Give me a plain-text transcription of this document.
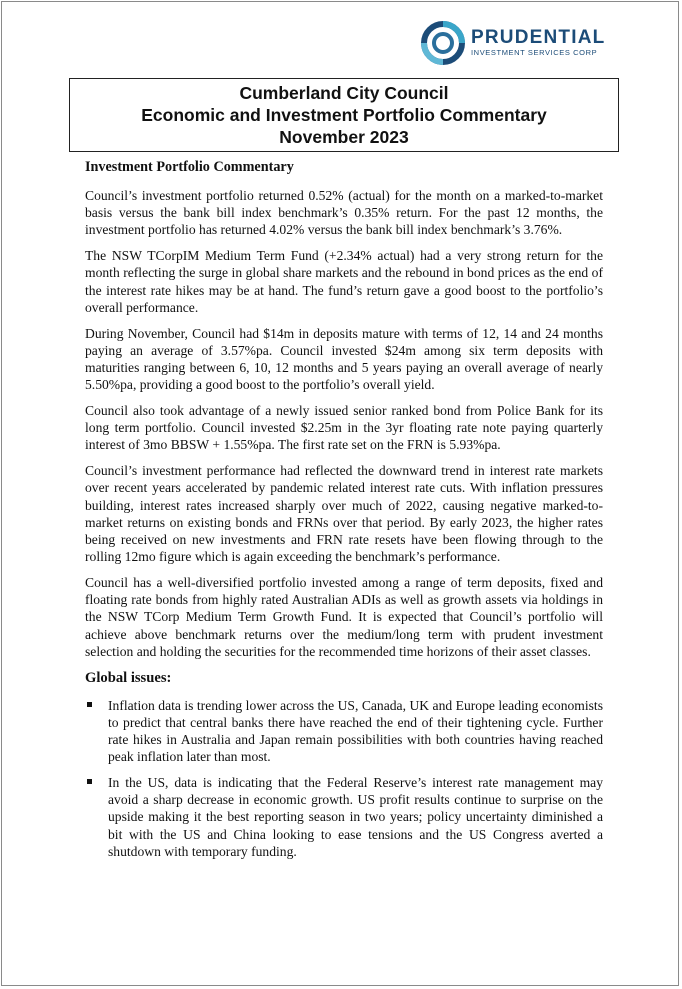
PRUDENTIAL
INVESTMENT SERVICES CORP
Cumberland City Council
Economic and Investment Portfolio Commentary
November 2023
Investment Portfolio Commentary

Council’s investment portfolio returned 0.52% (actual) for the month on a marked-to-market basis versus the bank bill index benchmark’s 0.35% return. For the past 12 months, the investment portfolio has returned 4.02% versus the bank bill index benchmark’s 3.76%.

The NSW TCorpIM Medium Term Fund (+2.34% actual) had a very strong return for the month reflecting the surge in global share markets and the rebound in bond prices as the end of the interest rate hikes may be at hand. The fund’s return gave a good boost to the portfolio’s overall performance.

During November, Council had $14m in deposits mature with terms of 12, 14 and 24 months paying an average of 3.57%pa. Council invested $24m among six term deposits with maturities ranging between 6, 10, 12 months and 5 years paying an overall average of nearly 5.50%pa, providing a good boost to the portfolio’s overall yield.

Council also took advantage of a newly issued senior ranked bond from Police Bank for its long term portfolio. Council invested $2.25m in the 3yr floating rate note paying quarterly interest of 3mo BBSW + 1.55%pa. The first rate set on the FRN is 5.93%pa.

Council’s investment performance had reflected the downward trend in interest rate markets over recent years accelerated by pandemic related interest rate cuts. With inflation pressures building, interest rates increased sharply over much of 2022, causing negative marked-to-market returns on existing bonds and FRNs over that period. By early 2023, the higher rates being received on new investments and FRN rate resets have been flowing through to the rolling 12mo figure which is again exceeding the benchmark’s performance.

Council has a well-diversified portfolio invested among a range of term deposits, fixed and floating rate bonds from highly rated Australian ADIs as well as growth assets via holdings in the NSW TCorp Medium Term Growth Fund. It is expected that Council’s portfolio will achieve above benchmark returns over the medium/long term with prudent investment selection and holding the securities for the recommended time horizons of their asset classes.

Global issues:
Inflation data is trending lower across the US, Canada, UK and Europe leading economists to predict that central banks there have reached the end of their tightening cycle. Further rate hikes in Australia and Japan remain possibilities with both countries having reached peak inflation later than most.
In the US, data is indicating that the Federal Reserve’s interest rate management may avoid a sharp decrease in economic growth. US profit results continue to surprise on the upside making it the best reporting season in two years; policy uncertainty diminished a bit with the US and China looking to ease tensions and the US Congress averted a shutdown with temporary funding.
